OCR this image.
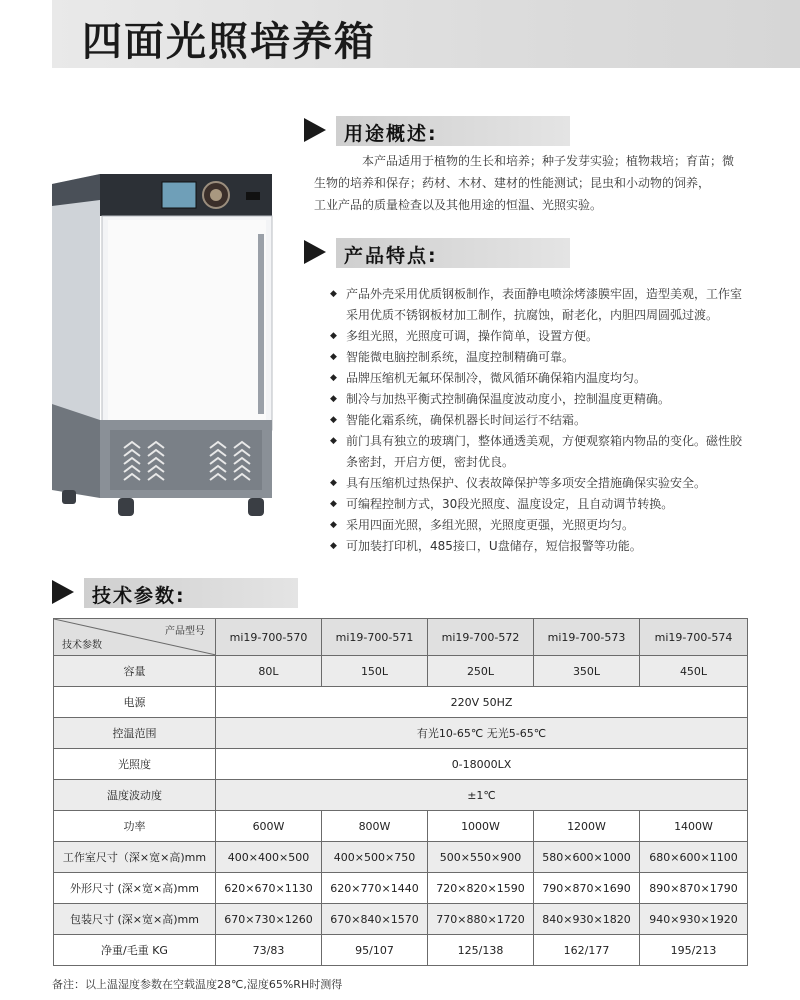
四面光照培养箱
用途概述:
本产品适用于植物的生长和培养；种子发芽实验；植物栽培；育苗；微
生物的培养和保存；药材、木材、建材的性能测试；昆虫和小动物的饲养，
工业产品的质量检查以及其他用途的恒温、光照实验。
产品特点:
◆ 产品外壳采用优质钢板制作，表面静电喷涂烤漆膜牢固，造型美观，工作室采用优质不锈钢板材加工制作，抗腐蚀，耐老化，内胆四周圆弧过渡。
◆ 多组光照，光照度可调，操作简单，设置方便。
◆ 智能微电脑控制系统，温度控制精确可靠。
◆ 品牌压缩机无氟环保制冷，微风循环确保箱内温度均匀。
◆ 制冷与加热平衡式控制确保温度波动度小，控制温度更精确。
◆ 智能化霜系统，确保机器长时间运行不结霜。
◆ 前门具有独立的玻璃门，整体通透美观，方便观察箱内物品的变化。磁性胶条密封，开启方便，密封优良。
◆ 具有压缩机过热保护、仪表故障保护等多项安全措施确保实验安全。
◆ 可编程控制方式，30段光照度、温度设定，且自动调节转换。
◆ 采用四面光照，多组光照，光照度更强，光照更均匀。
◆ 可加装打印机，485接口，U盘储存，短信报警等功能。
技术参数:
产品型号
技术参数	mi19-700-570	mi19-700-571	mi19-700-572	mi19-700-573	mi19-700-574
容量	80L	150L	250L	350L	450L
电源	220V 50HZ				
控温范围	有光10-65℃ 无光5-65℃				
光照度	0-18000LX				
温度波动度	±1℃				
功率	600W	800W	1000W	1200W	1400W
工作室尺寸（深×宽×高)mm	400×400×500	400×500×750	500×550×900	580×600×1000	680×600×1100
外形尺寸 (深×宽×高)mm	620×670×1130	620×770×1440	720×820×1590	790×870×1690	890×870×1790
包装尺寸 (深×宽×高)mm	670×730×1260	670×840×1570	770×880×1720	840×930×1820	940×930×1920
净重/毛重 KG	73/83	95/107	125/138	162/177	195/213
备注：以上温湿度参数在空载温度28℃,湿度65%RH时测得
